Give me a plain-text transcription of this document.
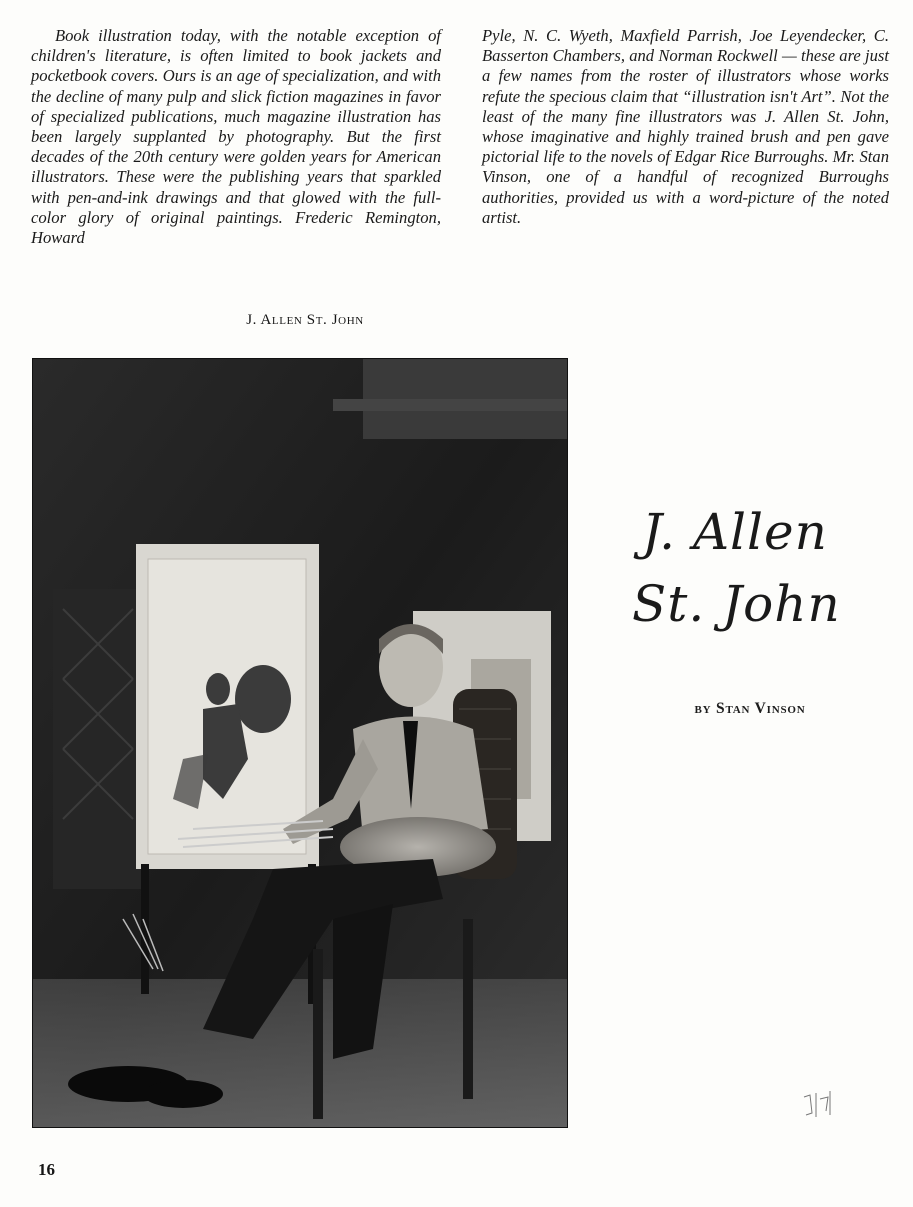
Book illustration today, with the notable exception of children's literature, is often limited to book jackets and pocketbook covers. Ours is an age of specialization, and with the decline of many pulp and slick fiction magazines in favor of specialized publications, much magazine illustration has been largely supplanted by photography. But the first decades of the 20th century were golden years for American illustrators. These were the publishing years that sparkled with pen-and-ink drawings and that glowed with the full-color glory of original paintings. Frederic Remington, Howard

Pyle, N. C. Wyeth, Maxfield Parrish, Joe Leyendecker, C. Basserton Chambers, and Norman Rockwell — these are just a few names from the roster of illustrators whose works refute the specious claim that “illustration isn't Art”. Not the least of the many fine illustrators was J. Allen St. John, whose imaginative and highly trained brush and pen gave pictorial life to the novels of Edgar Rice Burroughs. Mr. Stan Vinson, one of a handful of recognized Burroughs authorities, provided us with a word-picture of the noted artist.

J. Allen St. John
J. Allen
St. John
by Stan Vinson
16
